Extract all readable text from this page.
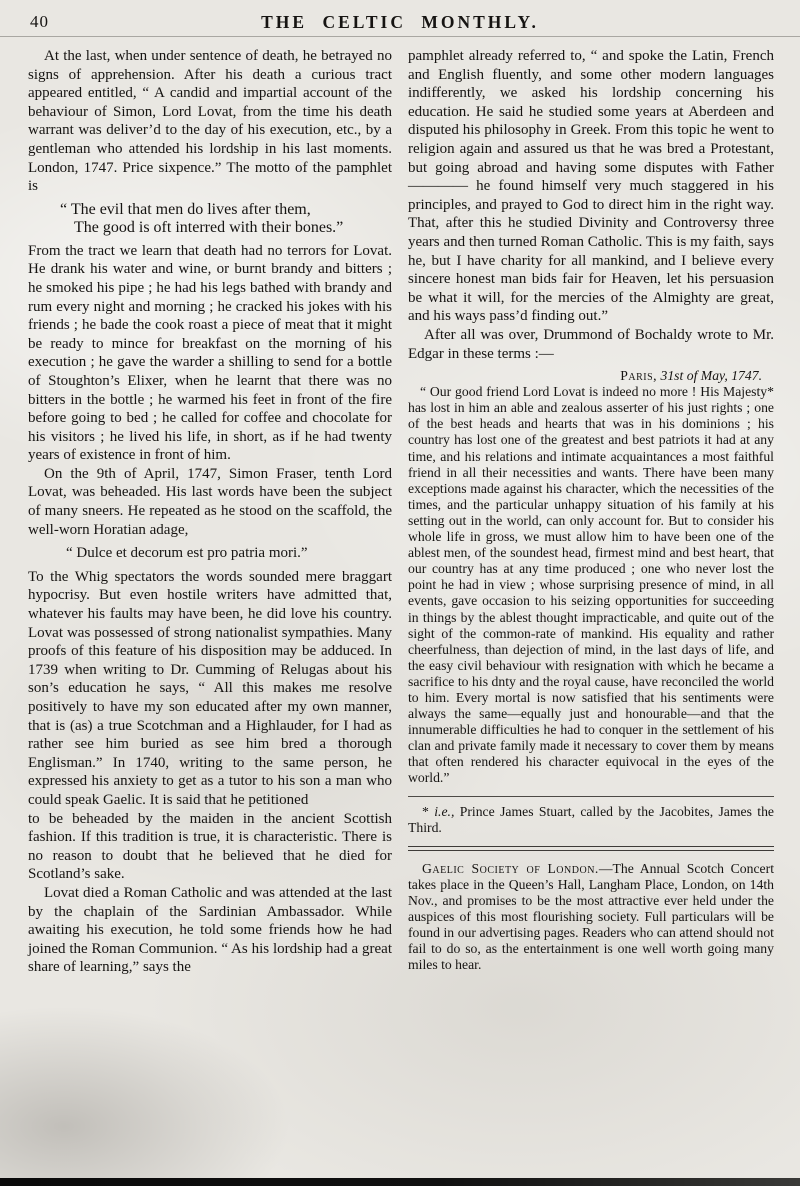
40	THE CELTIC MONTHLY.

At the last, when under sentence of death, he betrayed no signs of apprehension. After his death a curious tract appeared entitled, “ A candid and impartial account of the behaviour of Simon, Lord Lovat, from the time his death warrant was deliver’d to the day of his execution, etc., by a gentleman who attended his lordship in his last moments. London, 1747. Price sixpence.” The motto of the pamphlet is

“ The evil that men do lives after them,
The good is oft interred with their bones.”

From the tract we learn that death had no terrors for Lovat. He drank his water and wine, or burnt brandy and bitters ; he smoked his pipe ; he had his legs bathed with brandy and rum every night and morning ; he cracked his jokes with his friends ; he bade the cook roast a piece of meat that it might be ready to mince for breakfast on the morning of his execution ; he gave the warder a shilling to send for a bottle of Stoughton’s Elixer, when he learnt that there was no bitters in the bottle ; he warmed his feet in front of the fire before going to bed ; he called for coffee and chocolate for his visitors ; he lived his life, in short, as if he had twenty years of existence in front of him.

On the 9th of April, 1747, Simon Fraser, tenth Lord Lovat, was beheaded. His last words have been the subject of many sneers. He repeated as he stood on the scaffold, the well-worn Horatian adage,

“ Dulce et decorum est pro patria mori.”

To the Whig spectators the words sounded mere braggart hypocrisy. But even hostile writers have admitted that, whatever his faults may have been, he did love his country. Lovat was possessed of strong nationalist sympathies. Many proofs of this feature of his disposition may be adduced. In 1739 when writing to Dr. Cumming of Relugas about his son’s education he says, “ All this makes me resolve positively to have my son educated after my own manner, that is (as) a true Scotchman and a Highlauder, for I had as rather see him buried as see him bred a thorough Englisman.” In 1740, writing to the same person, he expressed his anxiety to get as a tutor to his son a man who could speak Gaelic. It is said that he petitioned

to be beheaded by the maiden in the ancient Scottish fashion. If this tradition is true, it is characteristic. There is no reason to doubt that he believed that he died for Scotland’s sake.

Lovat died a Roman Catholic and was attended at the last by the chaplain of the Sardinian Ambassador. While awaiting his execution, he told some friends how he had joined the Roman Communion. “ As his lordship had a great share of learning,” says the

pamphlet already referred to, “ and spoke the Latin, French and English fluently, and some other modern languages indifferently, we asked his lordship concerning his education. He said he studied some years at Aberdeen and disputed his philosophy in Greek. From this topic he went to religion again and assured us that he was bred a Protestant, but going abroad and having some disputes with Father ———— he found himself very much staggered in his principles, and prayed to God to direct him in the right way. That, after this he studied Divinity and Controversy three years and then turned Roman Catholic. This is my faith, says he, but I have charity for all mankind, and I believe every sincere honest man bids fair for Heaven, let his persuasion be what it will, for the mercies of the Almighty are great, and his ways pass’d finding out.”

After all was over, Drummond of Bochaldy wrote to Mr. Edgar in these terms :—

Paris, 31st of May, 1747.

“ Our good friend Lord Lovat is indeed no more ! His Majesty* has lost in him an able and zealous asserter of his just rights ; one of the best heads and hearts that was in his dominions ; his country has lost one of the greatest and best patriots it had at any time, and his relations and intimate acquaintances a most faithful friend in all their necessities and wants. There have been many exceptions made against his character, which the necessities of the times, and the particular unhappy situation of his family at his setting out in the world, can only account for. But to consider his whole life in gross, we must allow him to have been one of the ablest men, of the soundest head, firmest mind and best heart, that our country has at any time produced ; one who never lost the point he had in view ; whose surprising presence of mind, in all events, gave occasion to his seizing opportunities for succeeding in things by the ablest thought impracticable, and quite out of the sight of the common-rate of mankind. His equality and rather cheerfulness, than dejection of mind, in the last days of life, and the easy civil behaviour with resignation with which he became a sacrifice to his dnty and the royal cause, have reconciled the world to him. Every mortal is now satisfied that his sentiments were always the same—equally just and honourable—and that the innumerable difficulties he had to conquer in the settlement of his clan and private family made it necessary to cover them by means that often rendered his character equivocal in the eyes of the world.”

* i.e., Prince James Stuart, called by the Jacobites, James the Third.

Gaelic Society of London.—The Annual Scotch Concert takes place in the Queen’s Hall, Langham Place, London, on 14th Nov., and promises to be the most attractive ever held under the auspices of this most flourishing society. Full particulars will be found in our advertising pages. Readers who can attend should not fail to do so, as the entertainment is one well worth going many miles to hear.
